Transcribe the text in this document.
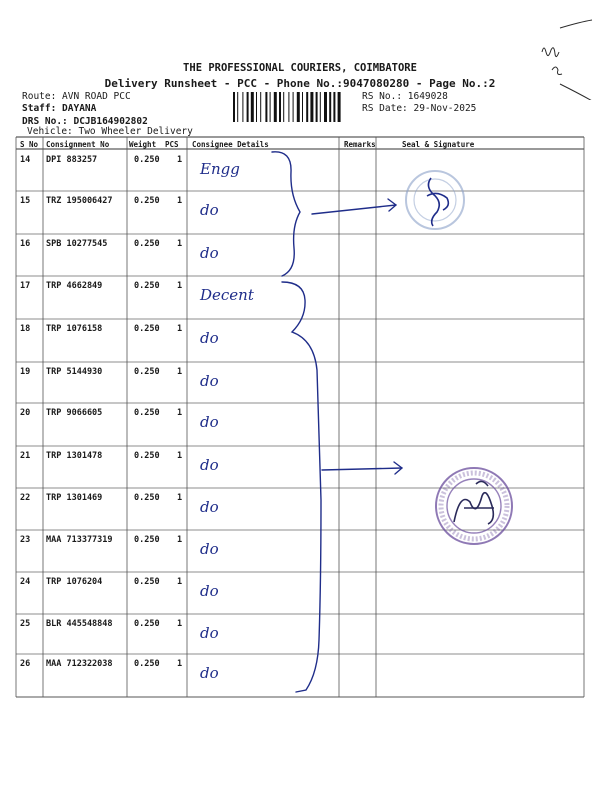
THE PROFESSIONAL COURIERS, COIMBATORE
Delivery Runsheet - PCC - Phone No.:9047080280 - Page No.:2
Route: AVN ROAD PCC
Staff: DAYANA
DRS No.: DCJB164902802
Vehicle: Two Wheeler Delivery
RS No.: 1649028
RS Date: 29-Nov-2025
S No Consignment No	Weight PCS Consignee Details	Remarks	Seal & Signature
14 DPI 883257	0.250 1 Engg
15 TRZ 195006427	0.250 1 do
16 SPB 10277545	0.250 1 do
17 TRP 4662849	0.250 1 Decent
18 TRP 1076158	0.250 1 do
19 TRP 5144930	0.250 1 do
20 TRP 9066605	0.250 1 do
21 TRP 1301478	0.250 1 do
22 TRP 1301469	0.250 1 do
23 MAA 713377319	0.250 1 do
24 TRP 1076204	0.250 1 do
25 BLR 445548848	0.250 1 do
26 MAA 712322038	0.250 1 do
